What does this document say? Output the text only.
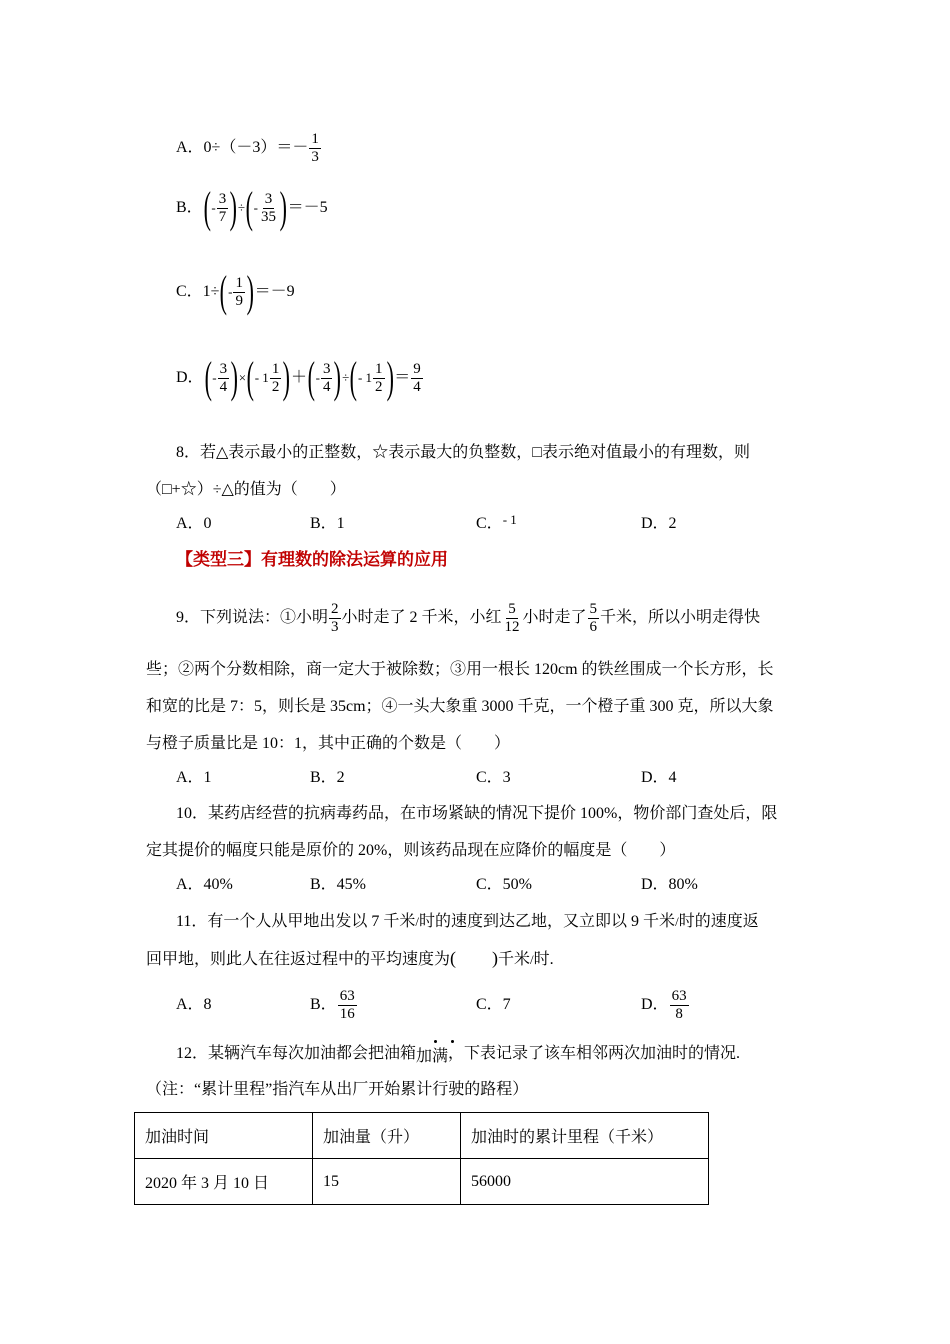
A．$0\div(-3)=- \frac{1}{3}$
B．(- $\frac{3}{7}$ )÷(- $\frac{3}{35} )=-5$
C．$1\div(- \frac{1}{9} )=-9$
D．(- $\frac{3}{4}$ )×(- $1 \frac{1}{2}$ )＋(- $\frac{3}{4}$ )÷(- $1 \frac{1}{2}$ )＝ $\frac{9}{4}$
8．若△表示最小的正整数，☆表示最大的负整数，□表示绝对值最小的有理数，则
（□+☆）÷△的值为（　　）
A．0	B．1	C．$^{- 1}$	D．2
【类型三】有理数的除法运算的应用
9．下列说法：①小明 $\frac{2}{3}$ 小时走了 2 千米，小红 $\frac{5}{12}$ 小时走了 $\frac{5}{6}$ 千米，所以小明走得快
些；②两个分数相除，商一定大于被除数；③用一根长 120cm 的铁丝围成一个长方形，长
和宽的比是 7：5，则长是 35cm；④一头大象重 3000 千克，一个橙子重 300 克，所以大象
与橙子质量比是 10：1，其中正确的个数是（　　）
A．1	B．2	C．3	D．4
10．某药店经营的抗病毒药品，在市场紧缺的情况下提价 100%，物价部门查处后，限
定其提价的幅度只能是原价的 20%，则该药品现在应降价的幅度是（　　）
A．40%	B．45%	C．50%	D．80%
11．有一个人从甲地出发以 7 千米/时的速度到达乙地，又立即以 9 千米/时的速度返
回甲地，则此人在往返过程中的平均速度为(　　)千米/时.
A．8	B． $\frac{63}{16}$	C．7	D． $\frac{63}{8}$
12．某辆汽车每次加油都会把油箱加满，下表记录了该车相邻两次加油时的情况.
（注：“累计里程”指汽车从出厂开始累计行驶的路程）
加油时间	加油量（升）	加油时的累计里程（千米）
2020 年 3 月 10 日	15	56000
